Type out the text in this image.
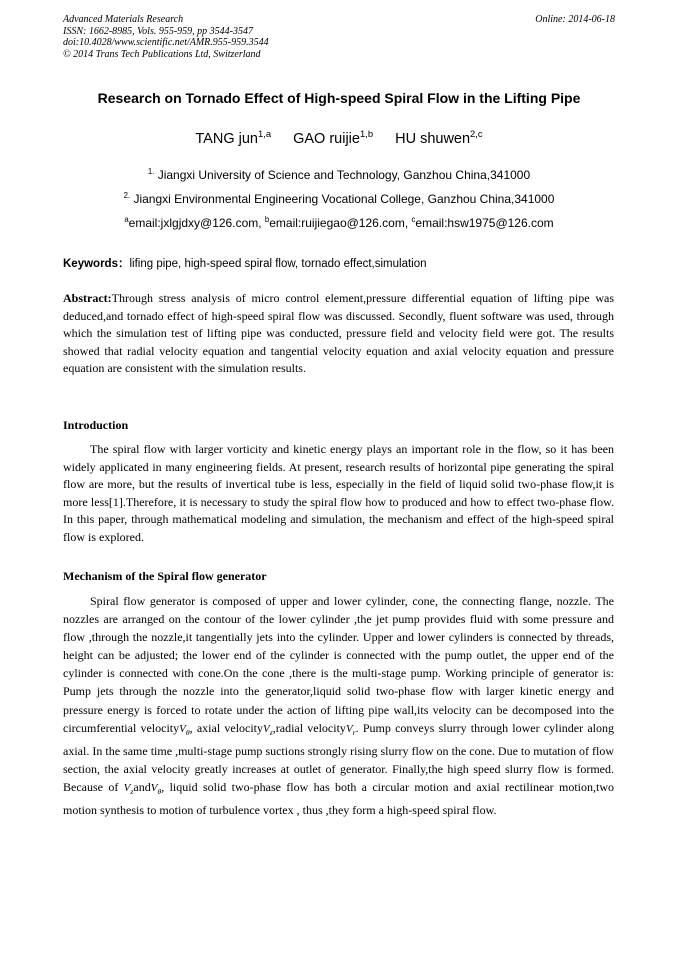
Advanced Materials Research
ISSN: 1662-8985, Vols. 955-959, pp 3544-3547
doi:10.4028/www.scientific.net/AMR.955-959.3544
© 2014 Trans Tech Publications Ltd, Switzerland
Online: 2014-06-18
Research on Tornado Effect of High-speed Spiral Flow in the Lifting Pipe
TANG jun$^{1,a}$ GAO ruijie$^{1,b}$ HU shuwen$^{2,c}$
$^{1.}$ Jiangxi University of Science and Technology, Ganzhou China,341000
$^{2.}$ Jiangxi Environmental Engineering Vocational College, Ganzhou China,341000
$^a$email:jxlgjdxy@126.com, $^b$email:ruijiegao@126.com, $^c$email:hsw1975@126.com
Keywords：lifing pipe, high-speed spiral flow, tornado effect,simulation

Abstract:Through stress analysis of micro control element,pressure differential equation of lifting pipe was deduced,and tornado effect of high-speed spiral flow was discussed. Secondly, fluent software was used, through which the simulation test of lifting pipe was conducted, pressure field and velocity field were got. The results showed that radial velocity equation and tangential velocity equation and axial velocity equation and pressure equation are consistent with the simulation results.

Introduction

The spiral flow with larger vorticity and kinetic energy plays an important role in the flow, so it has been widely applicated in many engineering fields. At present, research results of horizontal pipe generating the spiral flow are more, but the results of invertical tube is less, especially in the field of liquid solid two-phase flow,it is more less[1].Therefore, it is necessary to study the spiral flow how to produced and how to effect two-phase flow. In this paper, through mathematical modeling and simulation, the mechanism and effect of the high-speed spiral flow is explored.

Mechanism of the Spiral flow generator

Spiral flow generator is composed of upper and lower cylinder, cone, the connecting flange, nozzle. The nozzles are arranged on the contour of the lower cylinder ,the jet pump provides fluid with some pressure and flow ,through the nozzle,it tangentially jets into the cylinder. Upper and lower cylinders is connected by threads, height can be adjusted; the lower end of the cylinder is connected with the pump outlet, the upper end of the cylinder is connected with cone.On the cone ,there is the multi-stage pump. Working principle of generator is: Pump jets through the nozzle into the generator,liquid solid two-phase flow with larger kinetic energy and pressure energy is forced to rotate under the action of lifting pipe wall,its velocity can be decomposed into the circumferential velocityV$_\theta$, axial velocityV$_z$,radial velocityV$_r$. Pump conveys slurry through lower cylinder along axial. In the same time ,multi-stage pump suctions strongly rising slurry flow on the cone. Due to mutation of flow section, the axial velocity greatly increases at outlet of generator. Finally,the high speed slurry flow is formed. Because of $V_zandV_\theta$, liquid solid two-phase flow has both a circular motion and axial rectilinear motion,two motion synthesis to motion of turbulence vortex , thus ,they form a high-speed spiral flow.
